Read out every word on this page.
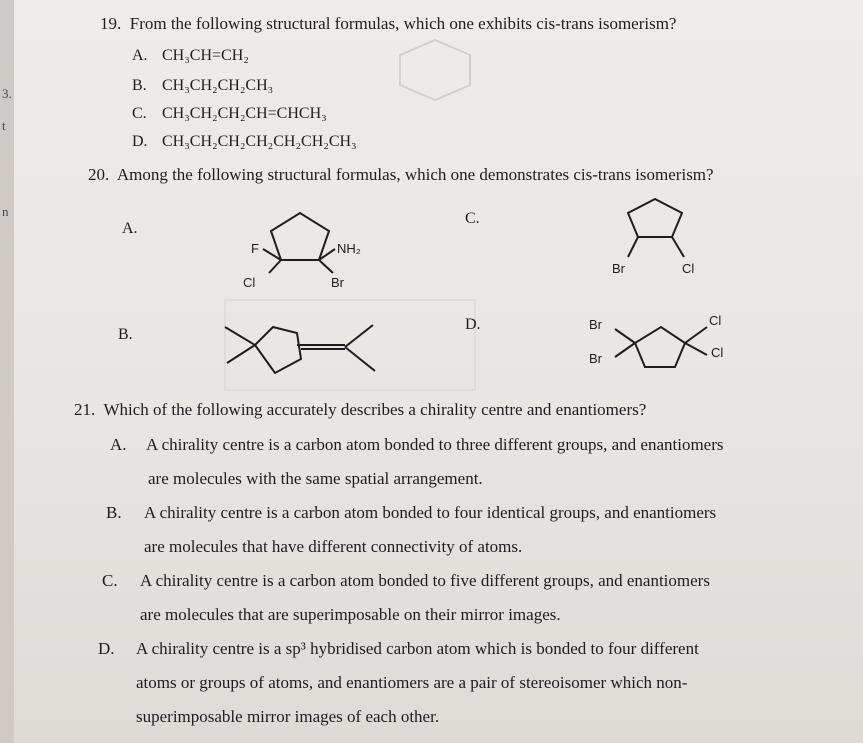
3.
t
n
19. From the following structural formulas, which one exhibits cis-trans isomerism?
A. CH₃CH=CH₂
B. CH₃CH₂CH₂CH₃
C. CH₃CH₂CH₂CH=CHCH₃
D. CH₃CH₂CH₂CH₂CH₂CH₂CH₃
20. Among the following structural formulas, which one demonstrates cis-trans isomerism?
A.
C.
B.
D.
F
Cl
NH₂
Br
Br	Cl
Br
Br
Cl
Cl
21. Which of the following accurately describes a chirality centre and enantiomers?
A. A chirality centre is a carbon atom bonded to three different groups, and enantiomers
are molecules with the same spatial arrangement.
B. A chirality centre is a carbon atom bonded to four identical groups, and enantiomers
are molecules that have different connectivity of atoms.
C. A chirality centre is a carbon atom bonded to five different groups, and enantiomers
are molecules that are superimposable on their mirror images.
D. A chirality centre is a sp³ hybridised carbon atom which is bonded to four different
atoms or groups of atoms, and enantiomers are a pair of stereoisomer which non-
superimposable mirror images of each other.
